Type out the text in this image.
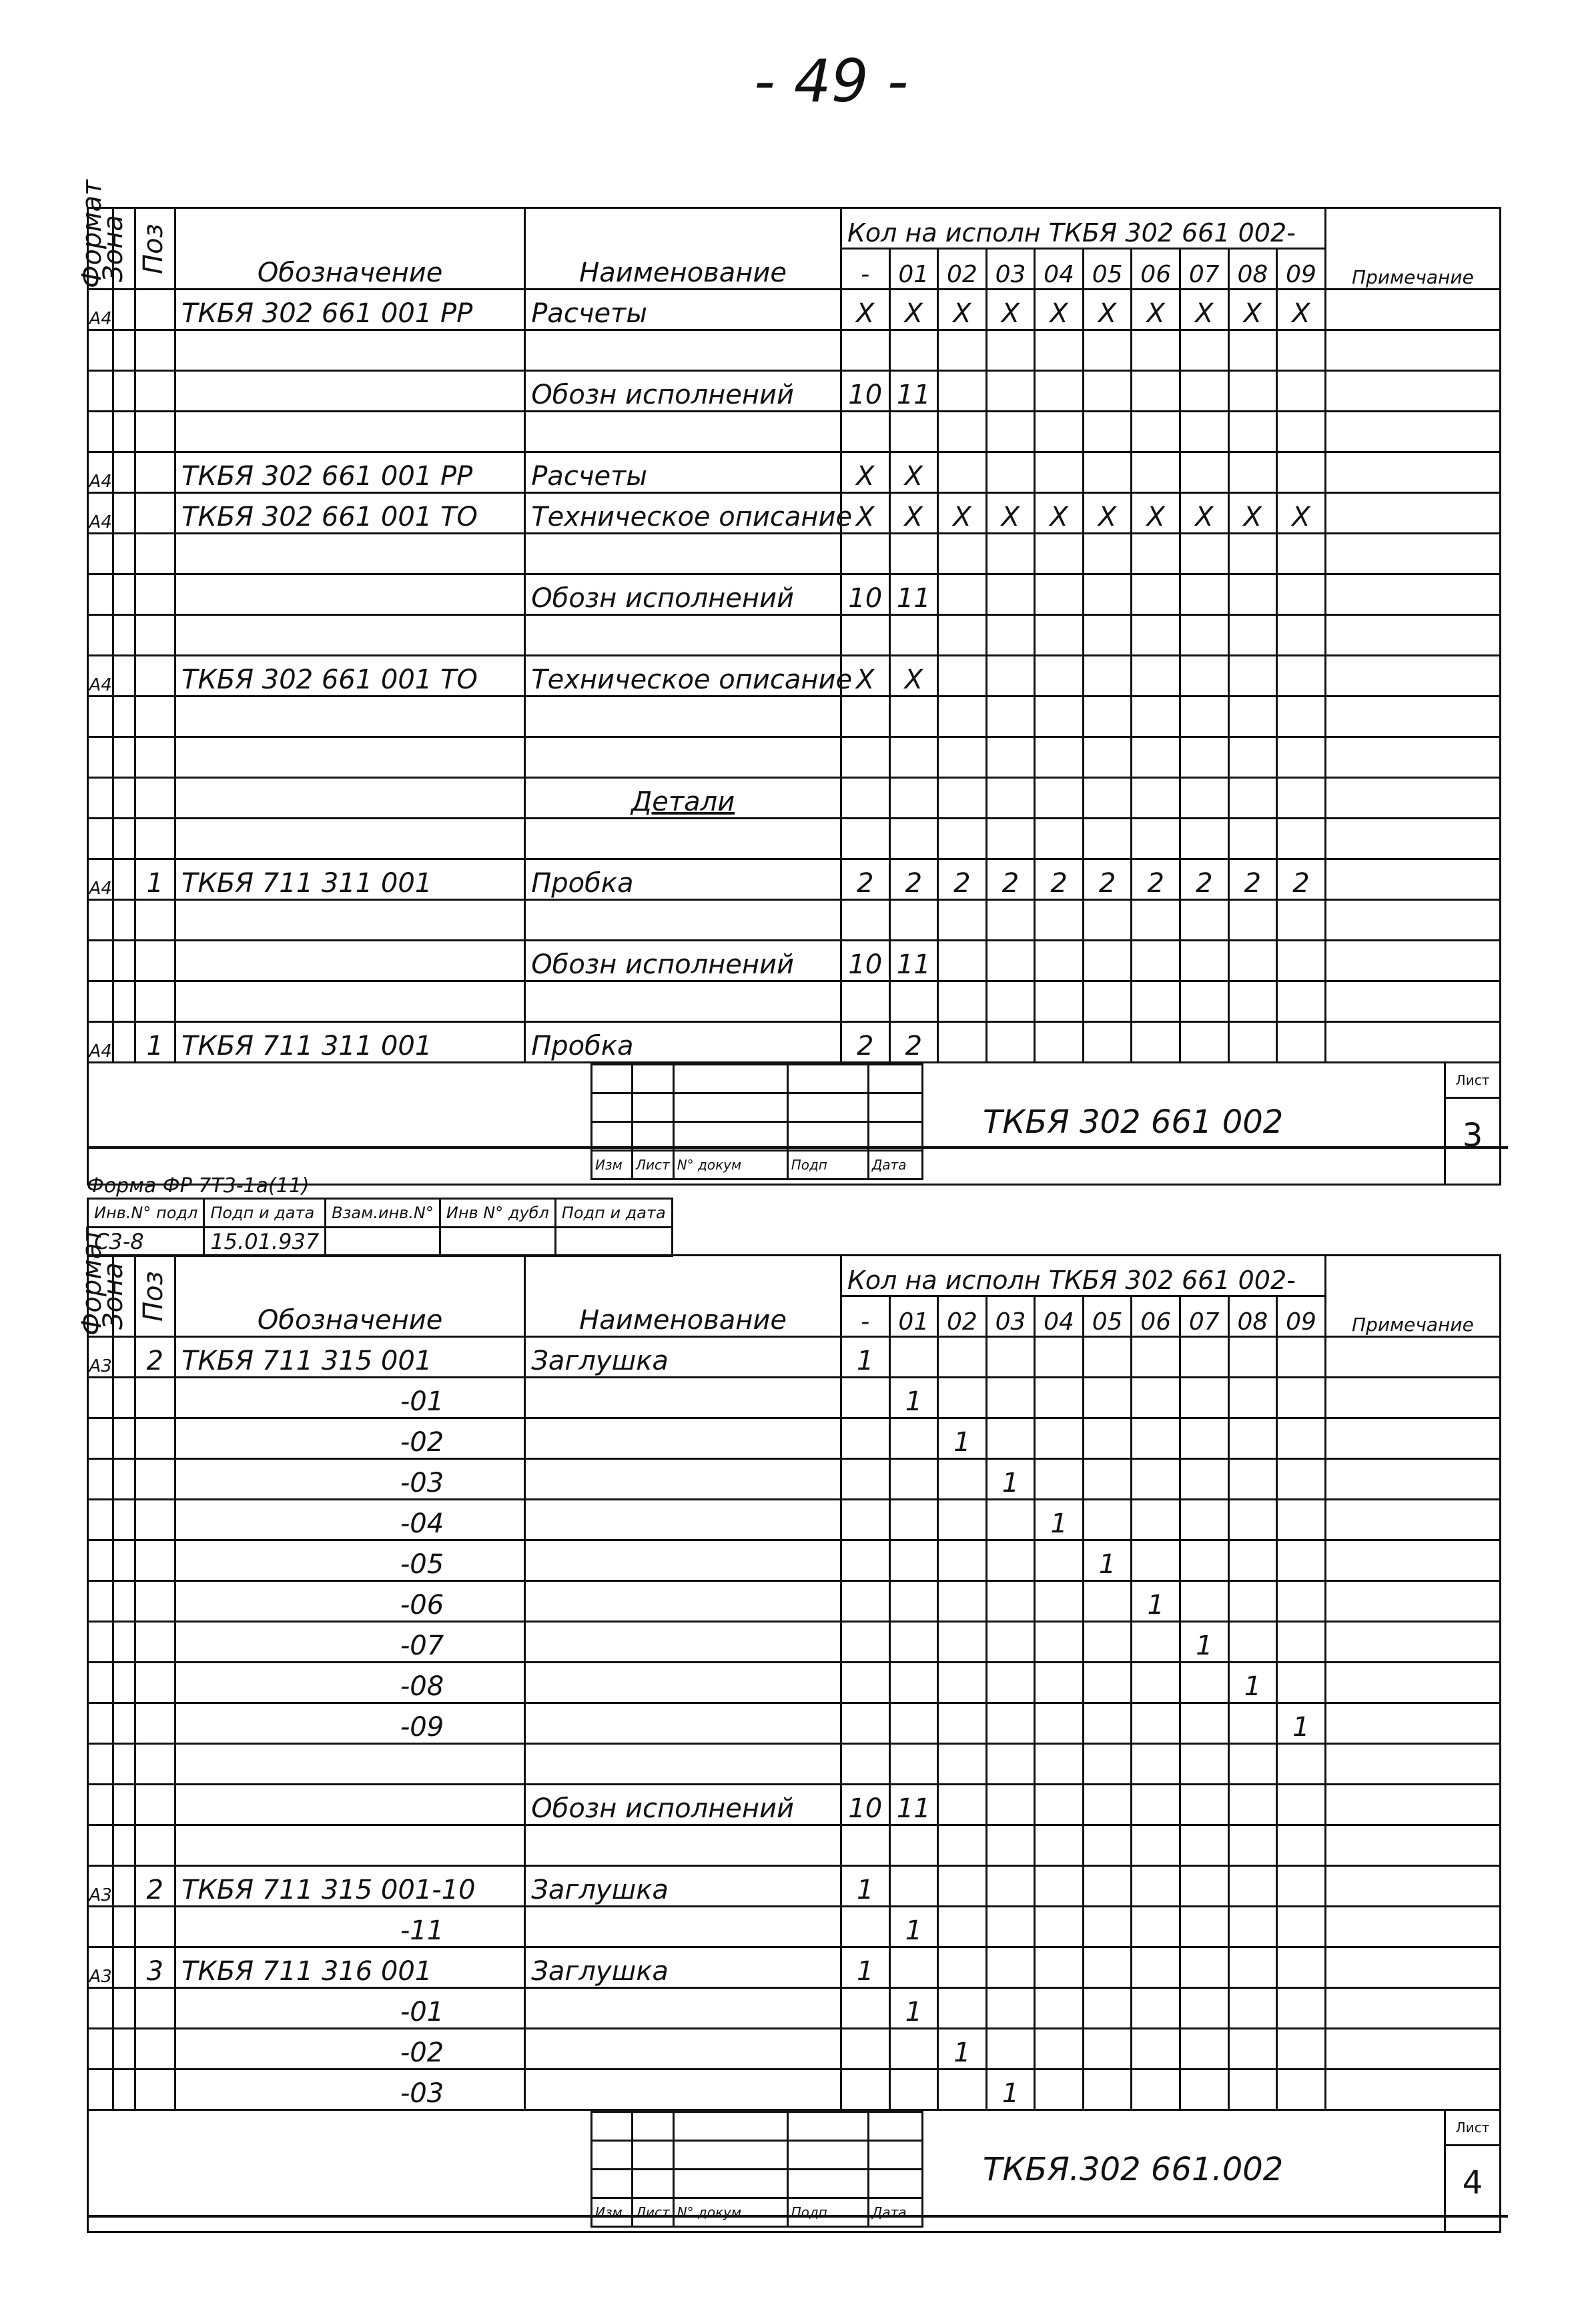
- 49 -
Формат	Зона	Поз	Обозначение	Наименование	Кол на исполн ТКБЯ 302 661 002-										Примечание
					-	01	02	03	04	05	06	07	08	09	
А4			ТКБЯ 302 661 001 РР	Расчеты	X	X	X	X	X	X	X	X	X	X	

				Обозн исполнений	10	11									

А4			ТКБЯ 302 661 001 РР	Расчеты	X	X									
А4			ТКБЯ 302 661 001 ТО	Техническое описание	X	X	X	X	X	X	X	X	X	X	

				Обозн исполнений	10	11									

А4			ТКБЯ 302 661 001 ТО	Техническое описание	X	X									

				Детали											

А4		1	ТКБЯ 711 311 001	Пробка	2	2	2	2	2	2	2	2	2	2	

				Обозн исполнений	10	11									

А4		1	ТКБЯ 711 311 001	Пробка	2	2									

Изм	Лист	N° докум	Подп	Дата
ТКБЯ 302 661 002
Лист
3
Форма ФР 7Т3-1а(11)
Инв.N° подл	Подп и дата	Взам.инв.N°	Инв N° дубл	Подп и дата
С3-8	15.01.937			
Формат	Зона	Поз	Обозначение	Наименование	Кол на исполн ТКБЯ 302 661 002-										Примечание
					-	01	02	03	04	05	06	07	08	09	
А3		2	ТКБЯ 711 315 001	Заглушка	1										
			-01			1									
			-02				1								
			-03					1							
			-04						1						
			-05							1					
			-06								1				
			-07									1			
			-08										1		
			-09											1	

				Обозн исполнений	10	11									

А3		2	ТКБЯ 711 315 001-10	Заглушка	1										
			-11			1									
А3		3	ТКБЯ 711 316 001	Заглушка	1										
			-01			1									
			-02				1								
			-03					1							

Изм	Лист	N° докум	Подп	Дата
ТКБЯ.302 661.002
Лист
4
